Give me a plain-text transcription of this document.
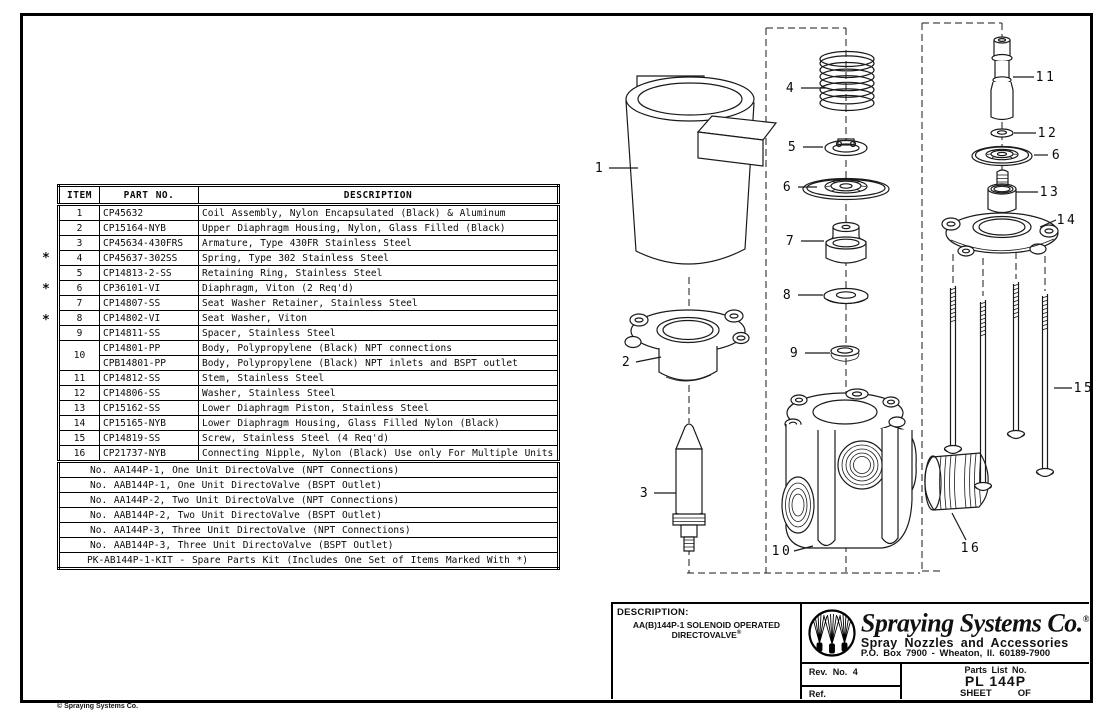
*
*
*
ITEM	PART NO.	DESCRIPTION
1	CP45632	Coil Assembly, Nylon Encapsulated (Black) & Aluminum
2	CP15164-NYB	Upper Diaphragm Housing, Nylon, Glass Filled (Black)
3	CP45634-430FRS	Armature, Type 430FR Stainless Steel
4	CP45637-302SS	Spring, Type 302 Stainless Steel
5	CP14813-2-SS	Retaining Ring, Stainless Steel
6	CP36101-VI	Diaphragm, Viton (2 Req'd)
7	CP14807-SS	Seat Washer Retainer, Stainless Steel
8	CP14802-VI	Seat Washer, Viton
9	CP14811-SS	Spacer, Stainless Steel
10	CP14801-PP	Body, Polypropylene (Black) NPT connections
	CPB14801-PP	Body, Polypropylene (Black) NPT inlets and BSPT outlet
11	CP14812-SS	Stem, Stainless Steel
12	CP14806-SS	Washer, Stainless Steel
13	CP15162-SS	Lower Diaphragm Piston, Stainless Steel
14	CP15165-NYB	Lower Diaphragm Housing, Glass Filled Nylon (Black)
15	CP14819-SS	Screw, Stainless Steel (4 Req'd)
16	CP21737-NYB	Connecting Nipple, Nylon (Black) Use only For Multiple Units
No. AA144P-1, One Unit DirectoValve (NPT Connections)		
No. AAB144P-1, One Unit DirectoValve (BSPT Outlet)		
No. AA144P-2, Two Unit DirectoValve (NPT Connections)		
No. AAB144P-2, Two Unit DirectoValve (BSPT Outlet)		
No. AA144P-3, Three Unit DirectoValve (NPT Connections)		
No. AAB144P-3, Three Unit DirectoValve (BSPT Outlet)		
PK-AB144P-1-KIT - Spare Parts Kit (Includes One Set of Items Marked With *)		
1
2
3
4
5
6
7
8
9
10
11
12
6
13
14
15
16
DESCRIPTION:
AA(B)144P-1 SOLENOID OPERATED
DIRECTOVALVE®	Spraying Systems Co.®
Spray Nozzles and Accessories
P.O. Box 7900 - Wheaton, Il. 60189-7900
Rev. No. 4
Ref.
Parts List No.
PL 144P
SHEET	OF
© Spraying Systems Co.
